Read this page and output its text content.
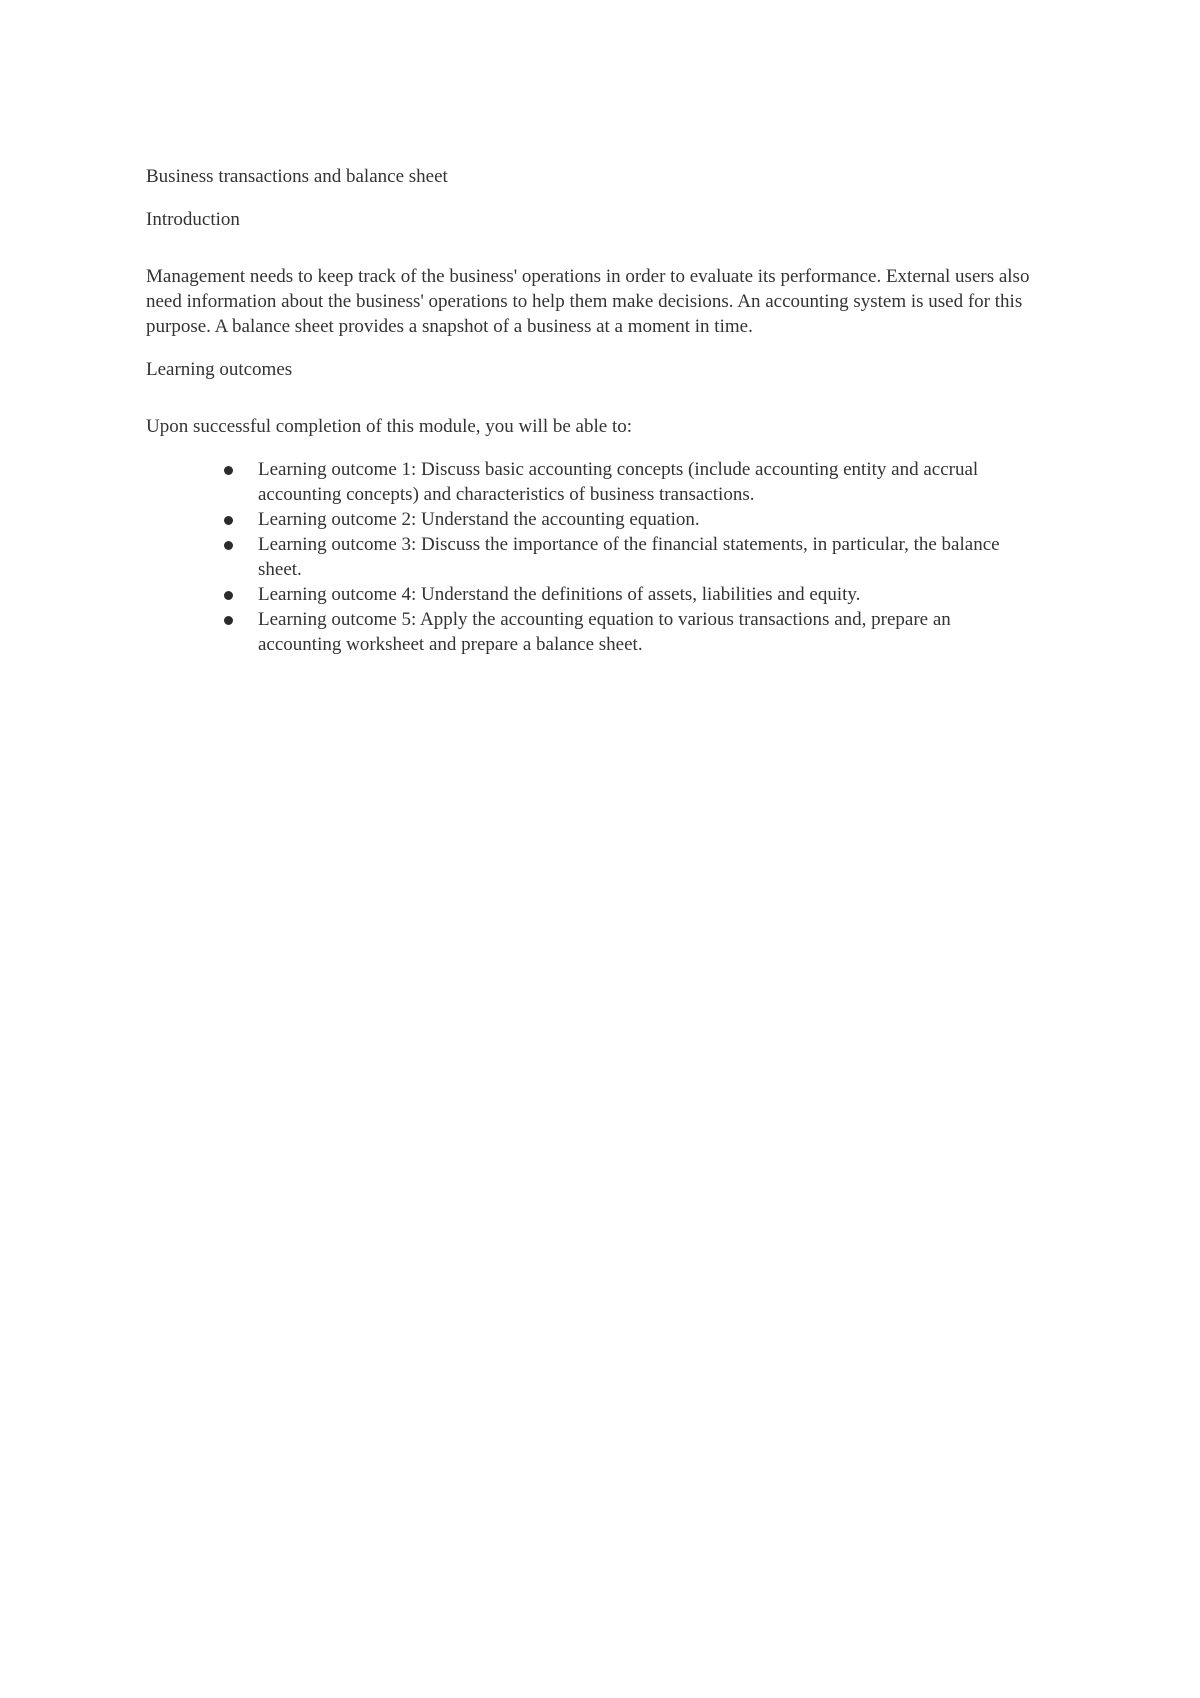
Business transactions and balance sheet

Introduction

Management needs to keep track of the business' operations in order to evaluate its performance. External users also need information about the business' operations to help them make decisions. An accounting system is used for this purpose. A balance sheet provides a snapshot of a business at a moment in time.

Learning outcomes

Upon successful completion of this module, you will be able to:

Learning outcome 1: Discuss basic accounting concepts (include accounting entity and accrual accounting concepts) and characteristics of business transactions.
Learning outcome 2: Understand the accounting equation.
Learning outcome 3: Discuss the importance of the financial statements, in particular, the balance sheet.
Learning outcome 4: Understand the definitions of assets, liabilities and equity.
Learning outcome 5: Apply the accounting equation to various transactions and, prepare an accounting worksheet and prepare a balance sheet.
